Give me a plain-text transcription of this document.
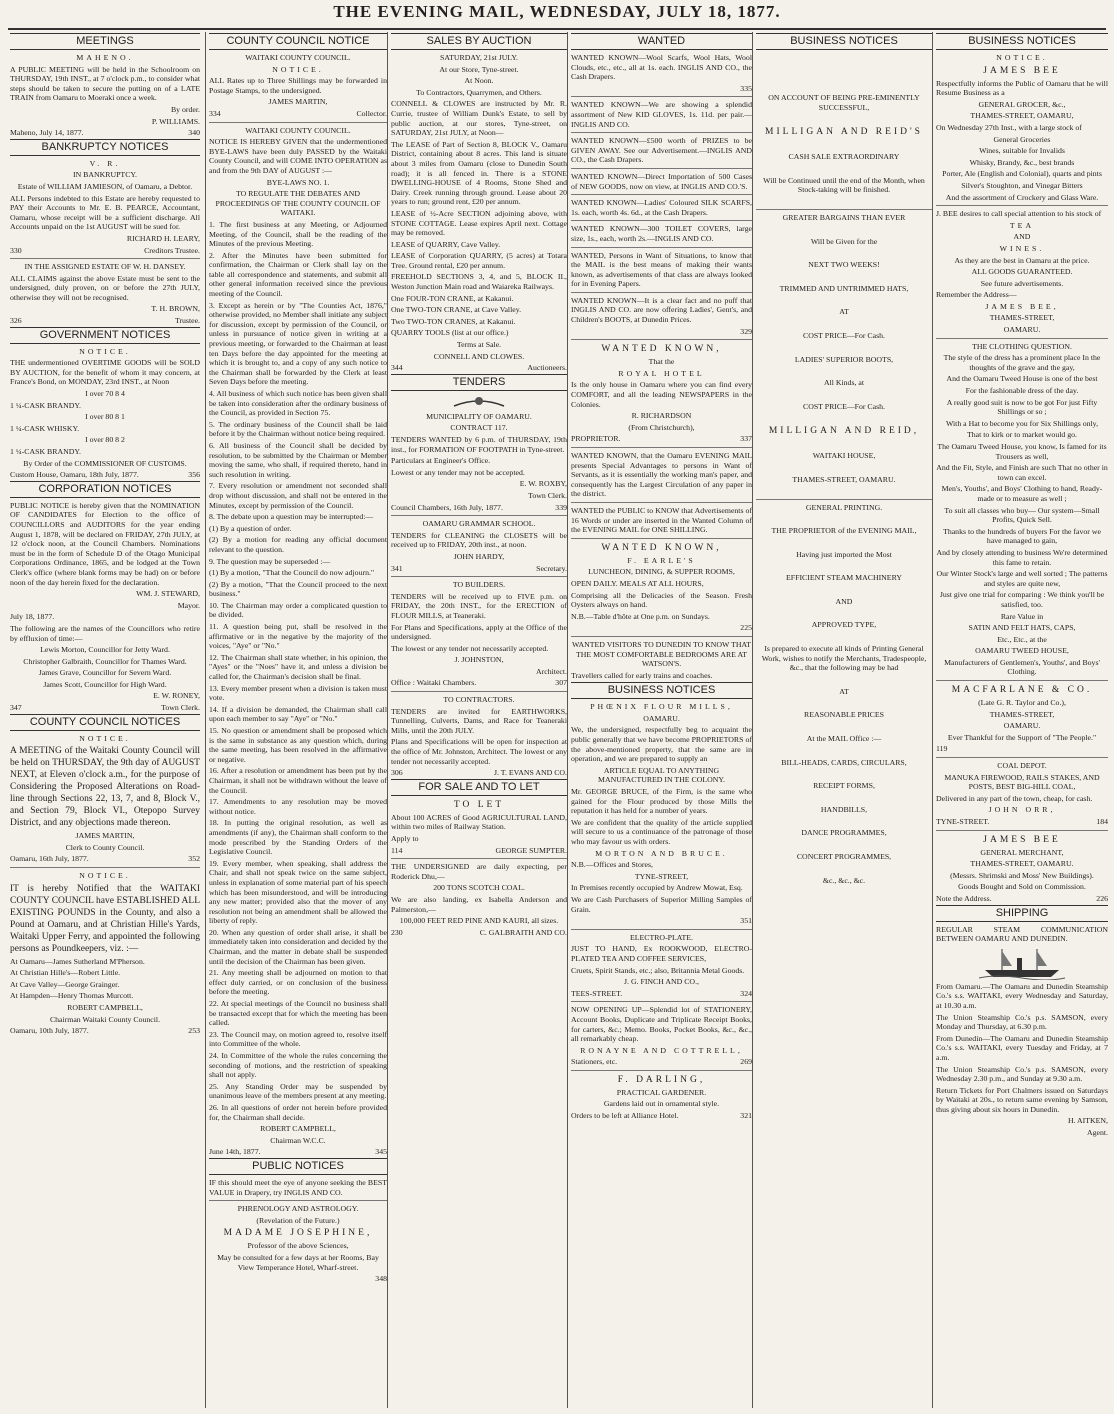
THE EVENING MAIL, WEDNESDAY, JULY 18, 1877.
MEETINGS

MAHENO.

A PUBLIC MEETING will be held in the Schoolroom on THURSDAY, 19th INST., at 7 o'clock p.m., to consider what steps should be taken to secure the putting on of a LATE TRAIN from Oamaru to Moeraki once a week.

By order.

P. WILLIAMS.

Maheno, July 14, 1877.	340
BANKRUPTCY NOTICES

V. R.

IN BANKRUPTCY.

Estate of WILLIAM JAMIESON, of Oamaru, a Debtor.

ALL Persons indebted to this Estate are hereby requested to PAY their Accounts to Mr. E. B. PEARCE, Accountant, Oamaru, whose receipt will be a sufficient discharge. All Accounts unpaid on the 1st AUGUST will be sued for.

RICHARD H. LEARY,

330	Creditors Trustee.

IN THE ASSIGNED ESTATE OF W. H. DANSEY.

ALL CLAIMS against the above Estate must be sent to the undersigned, duly proven, on or before the 27th JULY, otherwise they will not be recognised.

T. H. BROWN,

326	Trustee.
GOVERNMENT NOTICES

NOTICE.

THE undermentioned OVERTIME GOODS will be SOLD BY AUCTION, for the benefit of whom it may concern, at France's Bond, on MONDAY, 23rd INST., at Noon

I over 70 8 4

1 ¼-CASK BRANDY.

I over 80 8 1

1 ¼-CASK WHISKY.

I over 80 8 2

1 ¼-CASK BRANDY.

By Order of the COMMISSIONER OF CUSTOMS.

Custom House, Oamaru, 18th July, 1877.	356
CORPORATION NOTICES

PUBLIC NOTICE is hereby given that the NOMINATION OF CANDIDATES for Election to the office of COUNCILLORS and AUDITORS for the year ending August 1, 1878, will be declared on FRIDAY, 27th JULY, at 12 o'clock noon, at the Council Chambers. Nominations must be in the form of Schedule D of the Otago Municipal Corporations Ordinance, 1865, and be lodged at the Town Clerk's office (where blank forms may be had) on or before noon of the day herein fixed for the declaration.

WM. J. STEWARD,

Mayor.

July 18, 1877.

The following are the names of the Councillors who retire by effluxion of time:—

Lewis Morton, Councillor for Jetty Ward.

Christopher Galbraith, Councillor for Thames Ward.

James Grave, Councillor for Severn Ward.

James Scott, Councillor for High Ward.

E. W. RONEY,

347	Town Clerk.
COUNTY COUNCIL NOTICES

NOTICE.

A MEETING of the Waitaki County Council will be held on THURSDAY, the 9th day of AUGUST NEXT, at Eleven o'clock a.m., for the purpose of Considering the Proposed Alterations on Road-line through Sections 22, 13, 7, and 8, Block V., and Section 79, Block VI., Otepopo Survey District, and any objections made thereon.

JAMES MARTIN,

Clerk to County Council.

Oamaru, 16th July, 1877.	352

NOTICE.

IT is hereby Notified that the WAITAKI COUNTY COUNCIL have ESTABLISHED ALL EXISTING POUNDS in the County, and also a Pound at Oamaru, and at Christian Hille's Yards, Waitaki Upper Ferry, and appointed the following persons as Poundkeepers, viz. :—

At Oamaru—James Sutherland M'Pherson.

At Christian Hille's—Robert Little.

At Cave Valley—George Grainger.

At Hampden—Henry Thomas Murcott.

ROBERT CAMPBELL,

Chairman Waitaki County Council.

Oamaru, 10th July, 1877.	253
COUNTY COUNCIL NOTICE

WAITAKI COUNTY COUNCIL.

NOTICE.

ALL Rates up to Three Shillings may be forwarded in Postage Stamps, to the undersigned.

JAMES MARTIN,

334	Collector.

WAITAKI COUNTY COUNCIL.

NOTICE IS HEREBY GIVEN that the undermentioned BYE-LAWS have been duly PASSED by the Waitaki County Council, and will COME INTO OPERATION as and from the 9th DAY of AUGUST :—

BYE-LAWS NO. 1.

TO REGULATE THE DEBATES AND PROCEEDINGS OF THE COUNTY COUNCIL OF WAITAKI.

1. The first business at any Meeting, or Adjourned Meeting, of the Council, shall be the reading of the Minutes of the previous Meeting.

2. After the Minutes have been submitted for confirmation, the Chairman or Clerk shall lay on the table all correspondence and statements, and submit all other general information received since the previous meeting of the Council.

3. Except as herein or by "The Counties Act, 1876," otherwise provided, no Member shall initiate any subject for discussion, except by permission of the Council, or unless in pursuance of notice given in writing at a previous meeting, or forwarded to the Chairman at least ten Days before the day appointed for the meeting at which it is brought to, and a copy of any such notice to the Chairman shall be forwarded by the Clerk at least Seven Days before the meeting.

4. All business of which such notice has been given shall be taken into consideration after the ordinary business of the Council, as provided in Section 75.

5. The ordinary business of the Council shall be laid before it by the Chairman without notice being required.

6. All business of the Council shall be decided by resolution, to be submitted by the Chairman or Member moving the same, who shall, if required thereto, hand in such resolution in writing.

7. Every resolution or amendment not seconded shall drop without discussion, and shall not be entered in the Minutes, except by permission of the Council.

8. The debate upon a question may be interrupted:—

(1) By a question of order.

(2) By a motion for reading any official document relevant to the question.

9. The question may be superseded :—

(1) By a motion, "That the Council do now adjourn."

(2) By a motion, "That the Council proceed to the next business."

10. The Chairman may order a complicated question to be divided.

11. A question being put, shall be resolved in the affirmative or in the negative by the majority of the voices, "Aye" or "No."

12. The Chairman shall state whether, in his opinion, the "Ayes" or the "Noes" have it, and unless a division be called for, the Chairman's decision shall be final.

13. Every member present when a division is taken must vote.

14. If a division be demanded, the Chairman shall call upon each member to say "Aye" or "No."

15. No question or amendment shall be proposed which is the same in substance as any question which, during the same meeting, has been resolved in the affirmative or negative.

16. After a resolution or amendment has been put by the Chairman, it shall not be withdrawn without the leave of the Council.

17. Amendments to any resolution may be moved without notice.

18. In putting the original resolution, as well as amendments (if any), the Chairman shall conform to the mode prescribed by the Standing Orders of the Legislative Council.

19. Every member, when speaking, shall address the Chair, and shall not speak twice on the same subject, unless in explanation of some material part of his speech which has been misunderstood, and will be introducing any new matter; provided also that the mover of any resolution not being an amendment shall be allowed the liberty of reply.

20. When any question of order shall arise, it shall be immediately taken into consideration and decided by the Chairman, and the matter in debate shall be suspended until the decision of the Chairman has been given.

21. Any meeting shall be adjourned on motion to that effect duly carried, or on conclusion of the business before the meeting.

22. At special meetings of the Council no business shall be transacted except that for which the meeting has been called.

23. The Council may, on motion agreed to, resolve itself into Committee of the whole.

24. In Committee of the whole the rules concerning the seconding of motions, and the restriction of speaking shall not apply.

25. Any Standing Order may be suspended by unanimous leave of the members present at any meeting.

26. In all questions of order not herein before provided for, the Chairman shall decide.

ROBERT CAMPBELL,

Chairman W.C.C.

June 14th, 1877.	345
PUBLIC NOTICES

IF this should meet the eye of anyone seeking the BEST VALUE in Drapery, try INGLIS AND CO.

PHRENOLOGY AND ASTROLOGY.

(Revelation of the Future.)

MADAME JOSEPHINE,

Professor of the above Sciences,

May be consulted for a few days at her Rooms, Bay View Temperance Hotel, Wharf-street.

348

SALES BY AUCTION

SATURDAY, 21st JULY.

At our Store, Tyne-street.

At Noon.

To Contractors, Quarrymen, and Others.

CONNELL & CLOWES are instructed by Mr. R. Currie, trustee of William Dunk's Estate, to sell by public auction, at our stores, Tyne-street, on SATURDAY, 21st JULY, at Noon—

The LEASE of Part of Section 8, BLOCK V., Oamaru District, containing about 8 acres. This land is situate about 3 miles from Oamaru (close to Dunedin South road); it is all fenced in. There is a STONE DWELLING-HOUSE of 4 Rooms, Stone Shed and Dairy. Creek running through ground. Lease about 20 years to run; ground rent, £20 per annum.

LEASE of ½-Acre SECTION adjoining above, with STONE COTTAGE. Lease expires April next. Cottage may be removed.

LEASE of QUARRY, Cave Valley.

LEASE of Corporation QUARRY, (5 acres) at Totara Tree. Ground rental, £20 per annum.

FREEHOLD SECTIONS 3, 4, and 5, BLOCK II., Weston Junction Main road and Waiareka Railways.

One FOUR-TON CRANE, at Kakanui.

One TWO-TON CRANE, at Cave Valley.

Two TWO-TON CRANES, at Kakanui.

QUARRY TOOLS (list at our office.)

Terms at Sale.

CONNELL AND CLOWES.

344	Auctioneers.
TENDERS

MUNICIPALITY OF OAMARU.

CONTRACT 117.

TENDERS WANTED by 6 p.m. of THURSDAY, 19th inst., for FORMATION OF FOOTPATH in Tyne-street.

Particulars at Engineer's Office.

Lowest or any tender may not be accepted.

E. W. ROXBY,

Town Clerk.

Council Chambers, 16th July, 1877.	339

OAMARU GRAMMAR SCHOOL.

TENDERS for CLEANING the CLOSETS will be received up to FRIDAY, 20th inst., at noon.

JOHN HARDY,

341	Secretary.

TO BUILDERS.

TENDERS will be received up to FIVE p.m. on FRIDAY, the 20th INST., for the ERECTION of FLOUR MILLS, at Teaneraki.

For Plans and Specifications, apply at the Office of the undersigned.

The lowest or any tender not necessarily accepted.

J. JOHNSTON,

Architect.

Office : Waitaki Chambers.	307

TO CONTRACTORS.

TENDERS are invited for EARTHWORKS, Tunnelling, Culverts, Dams, and Race for Teaneraki Mills, until the 20th JULY.

Plans and Specifications will be open for inspection at the office of Mr. Johnston, Architect. The lowest or any tender not necessarily accepted.

306	J. T. EVANS AND CO.
FOR SALE AND TO LET

TO LET

About 100 ACRES of Good AGRICULTURAL LAND, within two miles of Railway Station.

Apply to

114	GEORGE SUMPTER.

THE UNDERSIGNED are daily expecting, per Roderick Dhu,—

200 TONS SCOTCH COAL.

We are also landing, ex Isabella Anderson and Palmerston,—

100,000 FEET RED PINE AND KAURI, all sizes.

230	C. GALBRAITH AND CO.
WANTED

WANTED KNOWN—Wool Scarfs, Wool Hats, Wool Clouds, etc., etc., all at 1s. each. INGLIS AND CO., the Cash Drapers.

335

WANTED KNOWN—We are showing a splendid assortment of New KID GLOVES, 1s. 11d. per pair.—INGLIS AND CO.

WANTED KNOWN—£500 worth of PRIZES to be GIVEN AWAY. See our Advertisement.—INGLIS AND CO., the Cash Drapers.

WANTED KNOWN—Direct Importation of 500 Cases of NEW GOODS, now on view, at INGLIS AND CO.'S.

WANTED KNOWN—Ladies' Coloured SILK SCARFS, 1s. each, worth 4s. 6d., at the Cash Drapers.

WANTED KNOWN—300 TOILET COVERS, large size, 1s., each, worth 2s.—INGLIS AND CO.

WANTED, Persons in Want of Situations, to know that the MAIL is the best means of making their wants known, as advertisements of that class are always looked for in Evening Papers.

WANTED KNOWN—It is a clear fact and no puff that INGLIS AND CO. are now offering Ladies', Gent's, and Children's BOOTS, at Dunedin Prices.

329

WANTED KNOWN,

That the

ROYAL HOTEL

Is the only house in Oamaru where you can find every COMFORT, and all the leading NEWSPAPERS in the Colonies.

R. RICHARDSON

(From Christchurch),

PROPRIETOR.	337

WANTED KNOWN, that the Oamaru EVENING MAIL presents Special Advantages to persons in Want of Servants, as it is essentially the working man's paper, and consequently has the Largest Circulation of any paper in the district.

WANTED the PUBLIC to KNOW that Advertisements of 16 Words or under are inserted in the Wanted Column of the EVENING MAIL for ONE SHILLING.

WANTED KNOWN,

F. EARLE'S

LUNCHEON, DINING, & SUPPER ROOMS,

OPEN DAILY. MEALS AT ALL HOURS,

Comprising all the Delicacies of the Season. Fresh Oysters always on hand.

N.B.—Table d'hôte at One p.m. on Sundays.

225

WANTED VISITORS TO DUNEDIN TO KNOW THAT THE MOST COMFORTABLE BEDROOMS ARE AT WATSON'S.

Travellers called for early trains and coaches.

BUSINESS NOTICES

PHŒNIX FLOUR MILLS,

OAMARU.

We, the undersigned, respectfully beg to acquaint the public generally that we have become PROPRIETORS of the above-mentioned property, that the same are in operation, and we are prepared to supply an

ARTICLE EQUAL TO ANYTHING MANUFACTURED IN THE COLONY.

Mr. GEORGE BRUCE, of the Firm, is the same who gained for the Flour produced by those Mills the reputation it has held for a number of years.

We are confident that the quality of the article supplied will secure to us a continuance of the patronage of those who may favour us with orders.

MORTON AND BRUCE.

N.B.—Offices and Stores,

TYNE-STREET,

In Premises recently occupied by Andrew Mowat, Esq.

We are Cash Purchasers of Superior Milling Samples of Grain.

351

ELECTRO-PLATE.

JUST TO HAND, Ex ROOKWOOD, ELECTRO-PLATED TEA AND COFFEE SERVICES,

Cruets, Spirit Stands, etc.; also, Britannia Metal Goods.

J. G. FINCH AND CO.,

TEES-STREET.	324

NOW OPENING UP—Splendid lot of STATIONERY, Account Books, Duplicate and Triplicate Receipt Books, for carters, &c.; Memo. Books, Pocket Books, &c., &c., all remarkably cheap.

RONAYNE AND COTTRELL,

Stationers, etc.	269

F. DARLING,

PRACTICAL GARDENER.

Gardens laid out in ornamental style.

Orders to be left at Alliance Hotel.	321
BUSINESS NOTICES

ON ACCOUNT OF BEING PRE-EMINENTLY SUCCESSFUL,

MILLIGAN AND REID'S

CASH SALE EXTRAORDINARY

Will be Continued until the end of the Month, when Stock-taking will be finished.

GREATER BARGAINS THAN EVER

Will be Given for the

NEXT TWO WEEKS!

TRIMMED AND UNTRIMMED HATS,

AT

COST PRICE—For Cash.

LADIES' SUPERIOR BOOTS,

All Kinds, at

COST PRICE—For Cash.

MILLIGAN AND REID,

WAITAKI HOUSE,

THAMES-STREET, OAMARU.

GENERAL PRINTING.

THE PROPRIETOR of the EVENING MAIL,

Having just imported the Most

EFFICIENT STEAM MACHINERY

AND

APPROVED TYPE,

Is prepared to execute all kinds of Printing General Work, wishes to notify the Merchants, Tradespeople, &c., that the following may be had

AT

REASONABLE PRICES

At the MAIL Office :—

BILL-HEADS, CARDS, CIRCULARS,

RECEIPT FORMS,

HANDBILLS,

DANCE PROGRAMMES,

CONCERT PROGRAMMES,

&c., &c., &c.

BUSINESS NOTICES

NOTICE.

JAMES BEE

Respectfully informs the Public of Oamaru that he will Resume Business as a

GENERAL GROCER, &c.,

THAMES-STREET, OAMARU,

On Wednesday 27th Inst., with a large stock of

General Groceries

Wines, suitable for Invalids

Whisky, Brandy, &c., best brands

Porter, Ale (English and Colonial), quarts and pints

Silver's Stoughton, and Vinegar Bitters

And the assortment of Crockery and Glass Ware.

J. BEE desires to call special attention to his stock of

TEA

AND

WINES.

As they are the best in Oamaru at the price.

ALL GOODS GUARANTEED.

See future advertisements.

Remember the Address—

JAMES BEE,

THAMES-STREET,

OAMARU.

THE CLOTHING QUESTION.

The style of the dress has a prominent place In the thoughts of the grave and the gay,

And the Oamaru Tweed House is one of the best

For the fashionable dress of the day.

A really good suit is now to be got For just Fifty Shillings or so ;

With a Hat to become you for Six Shillings only,

That to kirk or to market would go.

The Oamaru Tweed House, you know, Is famed for its Trousers as well,

And the Fit, Style, and Finish are such That no other in town can excel.

Men's, Youths', and Boys' Clothing to hand, Ready-made or to measure as well ;

To suit all classes who buy— Our system—Small Profits, Quick Sell.

Thanks to the hundreds of buyers For the favor we have managed to gain,

And by closely attending to business We're determined this fame to retain.

Our Winter Stock's large and well sorted ; The patterns and styles are quite new,

Just give one trial for comparing : We think you'll be satisfied, too.

Rare Value in

SATIN AND FELT HATS, CAPS,

Etc., Etc., at the

OAMARU TWEED HOUSE,

Manufacturers of Gentlemen's, Youths', and Boys' Clothing.

MACFARLANE & CO.

(Late G. R. Taylor and Co.),

THAMES-STREET,

OAMARU.

Ever Thankful for the Support of "The People."

119

COAL DEPOT.

MANUKA FIREWOOD, RAILS STAKES, AND POSTS, BEST BIG-HILL COAL,

Delivered in any part of the town, cheap, for cash.

JOHN ORR,

TYNE-STREET.	184

JAMES BEE

GENERAL MERCHANT,

THAMES-STREET, OAMARU.

(Messrs. Shrimski and Moss' New Buildings).

Goods Bought and Sold on Commission.

Note the Address.	226
SHIPPING

REGULAR STEAM COMMUNICATION BETWEEN OAMARU AND DUNEDIN.

From Oamaru.—The Oamaru and Dunedin Steamship Co.'s s.s. WAITAKI, every Wednesday and Saturday, at 10.30 a.m.

The Union Steamship Co.'s p.s. SAMSON, every Monday and Thursday, at 6.30 p.m.

From Dunedin—The Oamaru and Dunedin Steamship Co.'s s.s. WAITAKI, every Tuesday and Friday, at 7 a.m.

The Union Steamship Co.'s p.s. SAMSON, every Wednesday 2.30 p.m., and Sunday at 9.30 a.m.

Return Tickets for Port Chalmers issued on Saturdays by Waitaki at 20s., to return same evening by Samson, thus giving about six hours in Dunedin.

H. AITKEN,

Agent.
